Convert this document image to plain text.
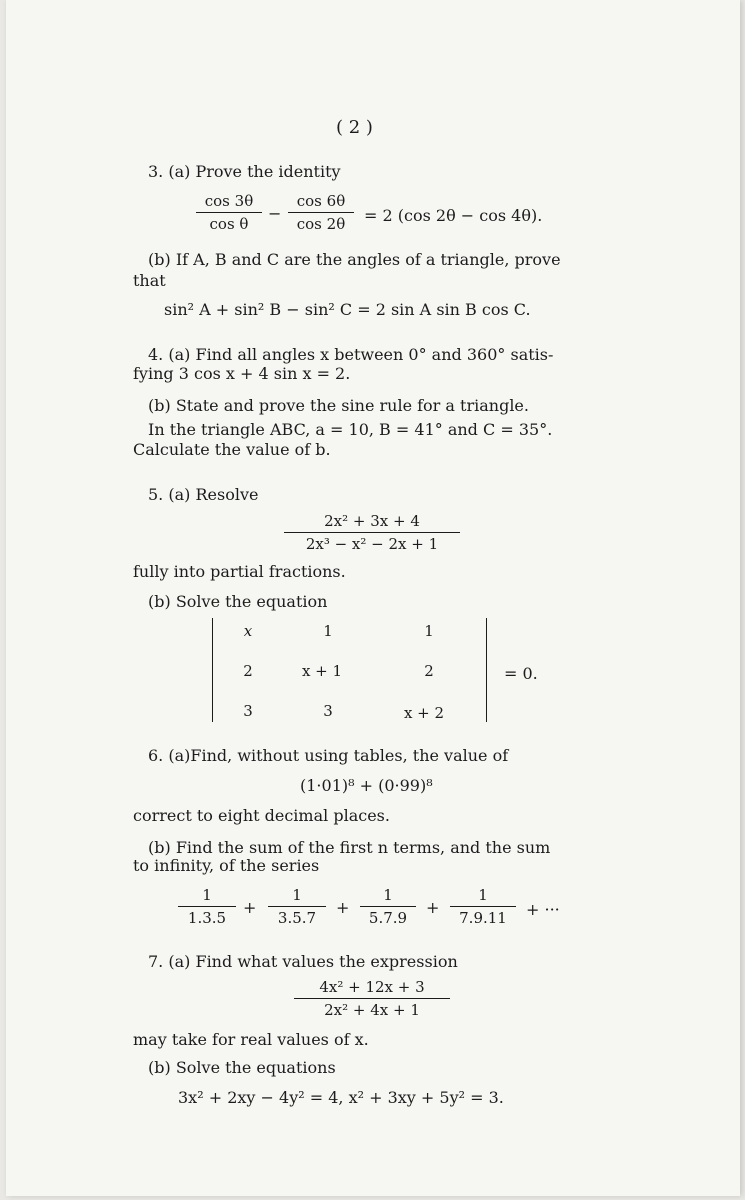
( 2 )
3. (a) Prove the identity
cos 3θ
cos θ
−
cos 6θ
cos 2θ	= 2 (cos 2θ − cos 4θ).
(b) If A, B and C are the angles of a triangle, prove
that
sin² A + sin² B − sin² C = 2 sin A sin B cos C.
4. (a) Find all angles x between 0° and 360° satis-
fying 3 cos x + 4 sin x = 2.
(b) State and prove the sine rule for a triangle.
In the triangle ABC, a = 10, B = 41° and C = 35°.
Calculate the value of b.
5. (a) Resolve
2x² + 3x + 4
2x³ − x² − 2x + 1
fully into partial fractions.
(b) Solve the equation
x	1	1
2	x + 1	2
3	3	x + 2
= 0.
6. (a)Find, without using tables, the value of
(1·01)⁸ + (0·99)⁸
correct to eight decimal places.
(b) Find the sum of the first n terms, and the sum
to infinity, of the series
1
1.3.5
+
1
3.5.7
+
1
5.7.9
+
1
7.9.11	+ ···
7. (a) Find what values the expression
4x² + 12x + 3
2x² + 4x + 1
may take for real values of x.
(b) Solve the equations
3x² + 2xy − 4y² = 4, x² + 3xy + 5y² = 3.
